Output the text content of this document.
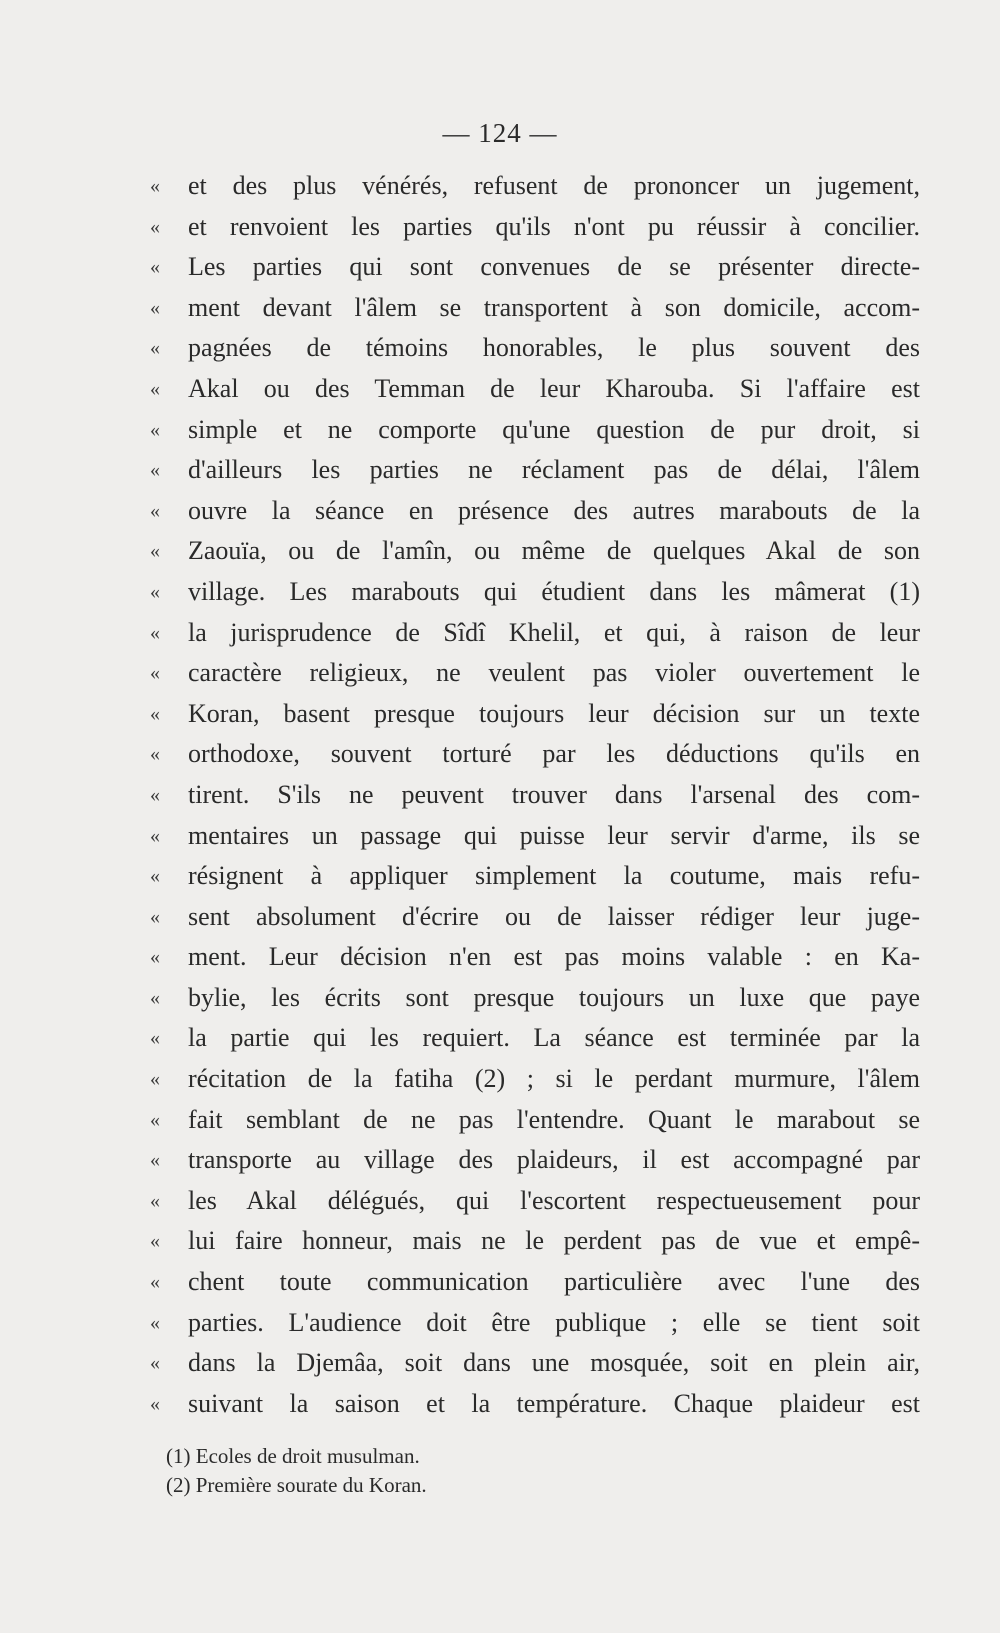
— 124 —
«	et des plus vénérés, refusent de prononcer un jugement,
«	et renvoient les parties qu'ils n'ont pu réussir à concilier.
«	Les parties qui sont convenues de se présenter directe-
«	ment devant l'âlem se transportent à son domicile, accom-
«	pagnées de témoins honorables, le plus souvent des
«	Akal ou des Temman de leur Kharouba. Si l'affaire est
«	simple et ne comporte qu'une question de pur droit, si
«	d'ailleurs les parties ne réclament pas de délai, l'âlem
«	ouvre la séance en présence des autres marabouts de la
«	Zaouïa, ou de l'amîn, ou même de quelques Akal de son
«	village. Les marabouts qui étudient dans les mâmerat (1)
«	la jurisprudence de Sîdî Khelil, et qui, à raison de leur
«	caractère religieux, ne veulent pas violer ouvertement le
«	Koran, basent presque toujours leur décision sur un texte
«	orthodoxe, souvent torturé par les déductions qu'ils en
«	tirent. S'ils ne peuvent trouver dans l'arsenal des com-
«	mentaires un passage qui puisse leur servir d'arme, ils se
«	résignent à appliquer simplement la coutume, mais refu-
«	sent absolument d'écrire ou de laisser rédiger leur juge-
«	ment. Leur décision n'en est pas moins valable : en Ka-
«	bylie, les écrits sont presque toujours un luxe que paye
«	la partie qui les requiert. La séance est terminée par la
«	récitation de la fatiha (2) ; si le perdant murmure, l'âlem
«	fait semblant de ne pas l'entendre. Quant le marabout se
«	transporte au village des plaideurs, il est accompagné par
«	les Akal délégués, qui l'escortent respectueusement pour
«	lui faire honneur, mais ne le perdent pas de vue et empê-
«	chent toute communication particulière avec l'une des
«	parties. L'audience doit être publique ; elle se tient soit
«	dans la Djemâa, soit dans une mosquée, soit en plein air,
«	suivant la saison et la température. Chaque plaideur est
(1) Ecoles de droit musulman.
(2) Première sourate du Koran.
